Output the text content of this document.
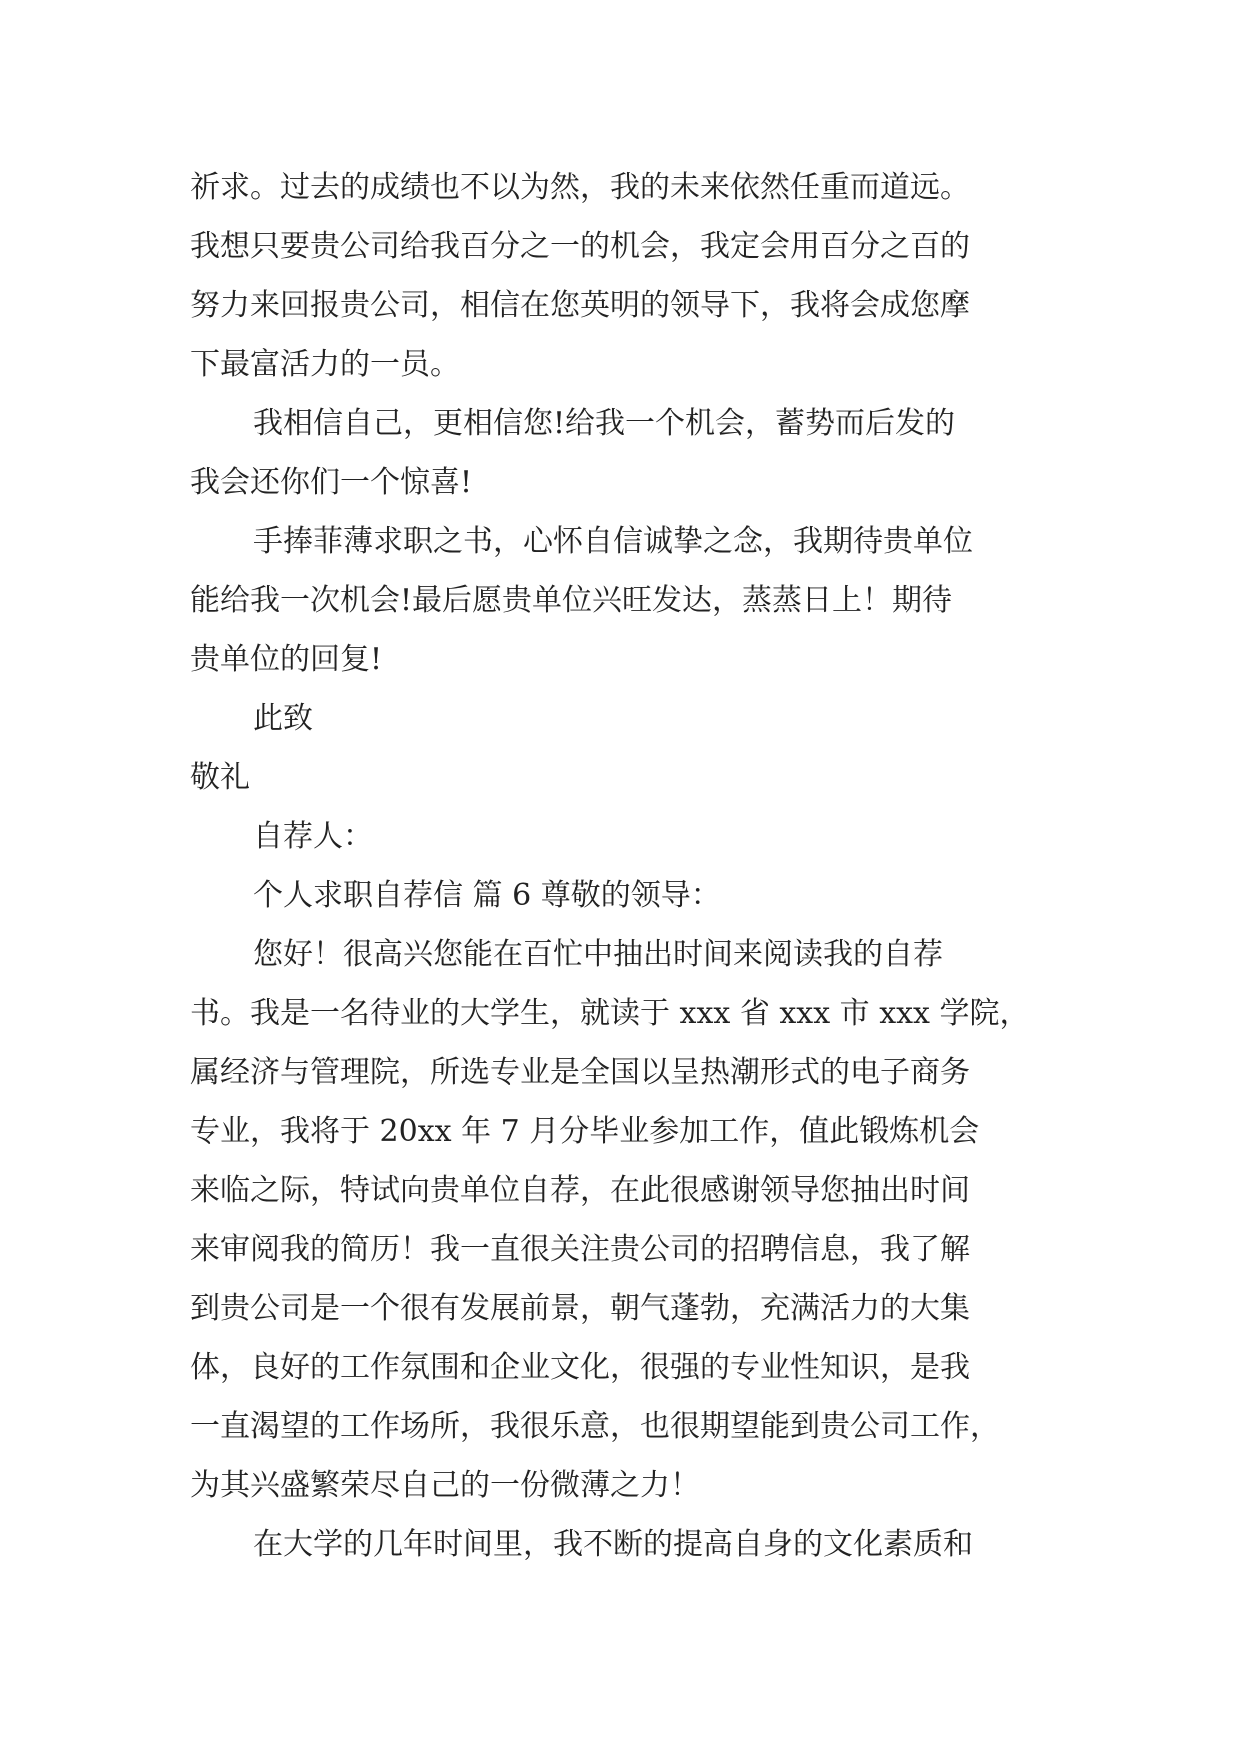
祈求。过去的成绩也不以为然，我的未来依然任重而道远。
我想只要贵公司给我百分之一的机会，我定会用百分之百的
努力来回报贵公司，相信在您英明的领导下，我将会成您摩
下最富活力的一员。
我相信自己，更相信您!给我一个机会，蓄势而后发的
我会还你们一个惊喜!
手捧菲薄求职之书，心怀自信诚挚之念，我期待贵单位
能给我一次机会!最后愿贵单位兴旺发达，蒸蒸日上！期待
贵单位的回复!
此致
敬礼
自荐人：
个人求职自荐信 篇 6 尊敬的领导：
您好！很高兴您能在百忙中抽出时间来阅读我的自荐
书。我是一名待业的大学生，就读于 xxx 省 xxx 市 xxx 学院，
属经济与管理院，所选专业是全国以呈热潮形式的电子商务
专业，我将于 20xx 年 7 月分毕业参加工作，值此锻炼机会
来临之际，特试向贵单位自荐，在此很感谢领导您抽出时间
来审阅我的简历！我一直很关注贵公司的招聘信息，我了解
到贵公司是一个很有发展前景，朝气蓬勃，充满活力的大集
体，良好的工作氛围和企业文化，很强的专业性知识，是我
一直渴望的工作场所，我很乐意，也很期望能到贵公司工作，
为其兴盛繁荣尽自己的一份微薄之力！
在大学的几年时间里，我不断的提高自身的文化素质和
